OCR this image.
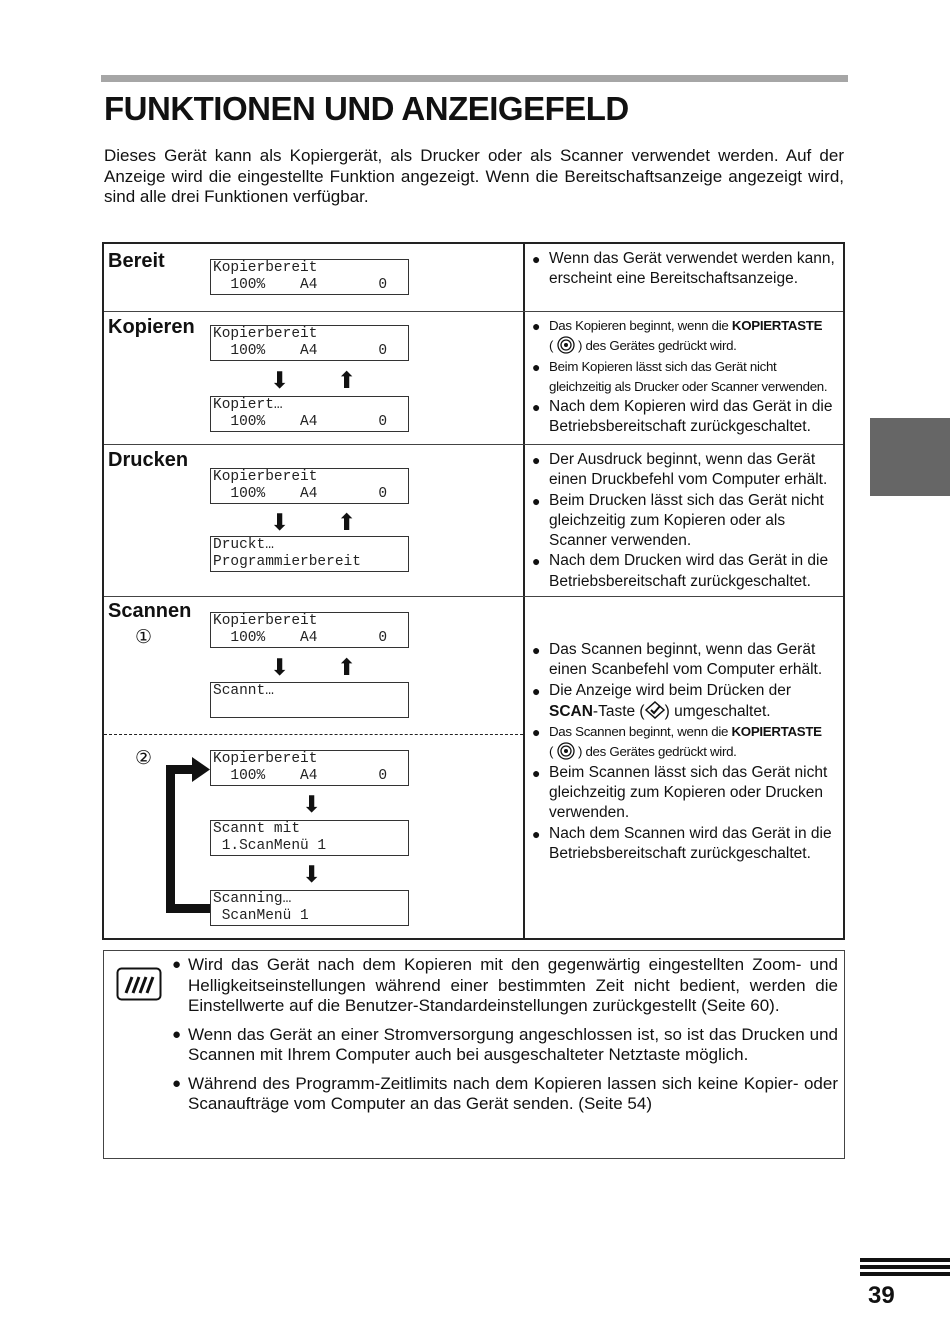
FUNKTIONEN UND ANZEIGEFELD

Dieses Gerät kann als Kopiergerät, als Drucker oder als Scanner verwendet werden. Auf der Anzeige wird die eingestellte Funktion angezeigt. Wenn die Bereitschaftsanzeige angezeigt wird, sind alle drei Funktionen verfügbar.

Bereit	Kopierbereit
100%    A4       0
● Wenn das Gerät verwendet werden kann, erscheint eine Bereitschaftsanzeige.
Kopieren Kopierbereit
100%    A4       0
⬇ ⬆
Kopiert…
100%    A4       0
● Das Kopieren beginnt, wenn die KOPIERTASTE
(  ) des Gerätes gedrückt wird.
● Beim Kopieren lässt sich das Gerät nicht gleichzeitig als Drucker oder Scanner verwenden.
● Nach dem Kopieren wird das Gerät in die Betriebsbereitschaft zurückgeschaltet.
Drucken
Kopierbereit
100%    A4       0
⬇ ⬆
Druckt…
Programmierbereit
● Der Ausdruck beginnt, wenn das Gerät einen Druckbefehl vom Computer erhält.
● Beim Drucken lässt sich das Gerät nicht gleichzeitig zum Kopieren oder als Scanner verwenden.
● Nach dem Drucken wird das Gerät in die Betriebsbereitschaft zurückgeschaltet.
Scannen
①
Kopierbereit
100%    A4       0
⬇ ⬆
Scannt…
②	Kopierbereit
100%    A4       0
⬇
Scannt mit
1.ScanMenü 1
⬇
Scanning…
ScanMenü 1
● Das Scannen beginnt, wenn das Gerät einen Scanbefehl vom Computer erhält.
● Die Anzeige wird beim Drücken der
SCAN-Taste ( ) umgeschaltet.
● Das Scannen beginnt, wenn die KOPIERTASTE
(  ) des Gerätes gedrückt wird.
● Beim Scannen lässt sich das Gerät nicht gleichzeitig zum Kopieren oder Drucken verwenden.
● Nach dem Scannen wird das Gerät in die Betriebsbereitschaft zurückgeschaltet.
● Wird das Gerät nach dem Kopieren mit den gegenwärtig eingestellten Zoom- und Helligkeitseinstellungen während einer bestimmten Zeit nicht bedient, werden die Einstellwerte auf die Benutzer-Standardeinstellungen zurückgestellt (Seite 60).
● Wenn das Gerät an einer Stromversorgung angeschlossen ist, so ist das Drucken und Scannen mit Ihrem Computer auch bei ausgeschalteter Netztaste möglich.
● Während des Programm-Zeitlimits nach dem Kopieren lassen sich keine Kopier- oder Scanaufträge vom Computer an das Gerät senden. (Seite 54)
39
